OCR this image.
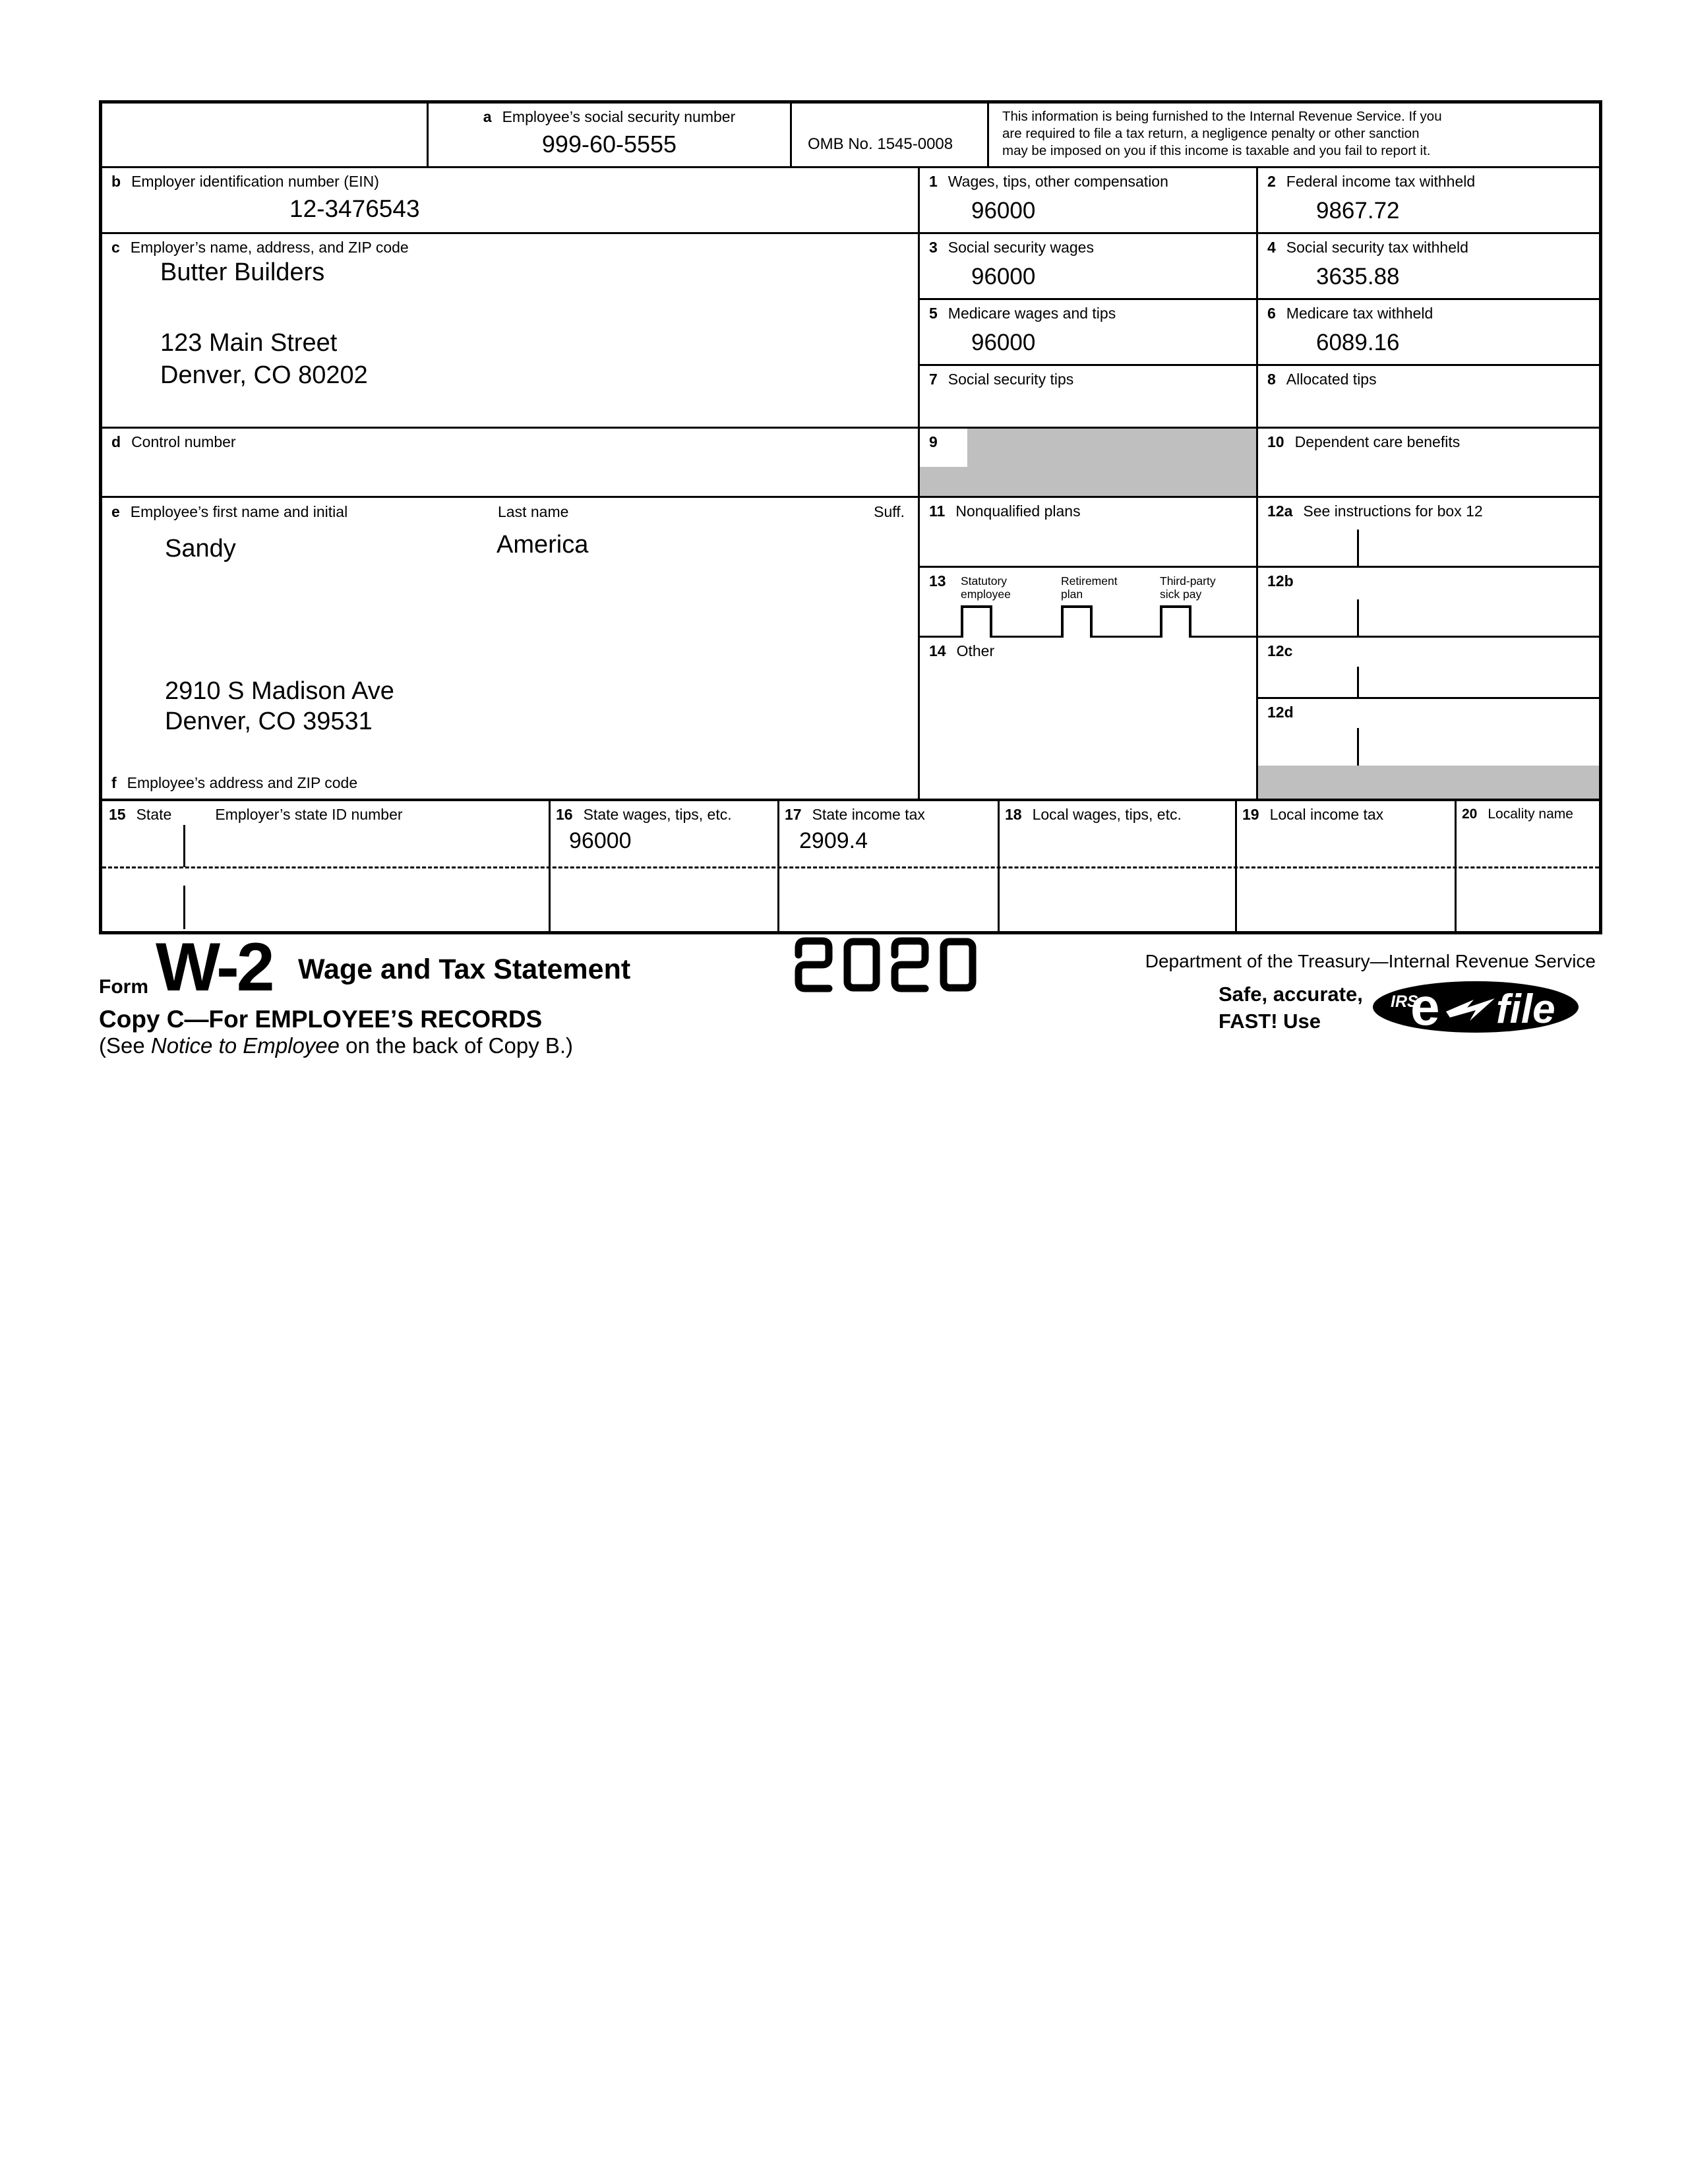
a Employee’s social security number
999-60-5555	OMB No. 1545-0008
This information is being furnished to the Internal Revenue Service. If you
are required to file a tax return, a negligence penalty or other sanction
may be imposed on you if this income is taxable and you fail to report it.
b Employer identification number (EIN)
12-3476543
c Employer’s name, address, and ZIP code
Butter Builders
123 Main Street
Denver, CO 80202
d Control number
e Employee’s first name and initial	Last name	Suff.
Sandy	America
2910 S Madison Ave
Denver, CO 39531
f Employee’s address and ZIP code
1 Wages, tips, other compensation
96000
2 Federal income tax withheld
9867.72
3 Social security wages
96000
4 Social security tax withheld
3635.88
5 Medicare wages and tips
96000
6 Medicare tax withheld
6089.16
7 Social security tips	8 Allocated tips
9	10 Dependent care benefits
11 Nonqualified plans	12a See instructions for box 12
13	Statutory employee
Retirement plan
Third-party sick pay
12b
14 Other	12c
12d
15 State	Employer’s state ID number	16 State wages, tips, etc.
96000
17 State income tax
2909.4
18 Local wages, tips, etc.	19 Local income tax	20 Locality name
Form W-2 Wage and Tax Statement	Department of the Treasury—Internal Revenue Service
Safe, accurate,
FAST! Use
IRS
e file
Copy C—For EMPLOYEE’S RECORDS
(See Notice to Employee on the back of Copy B.)
